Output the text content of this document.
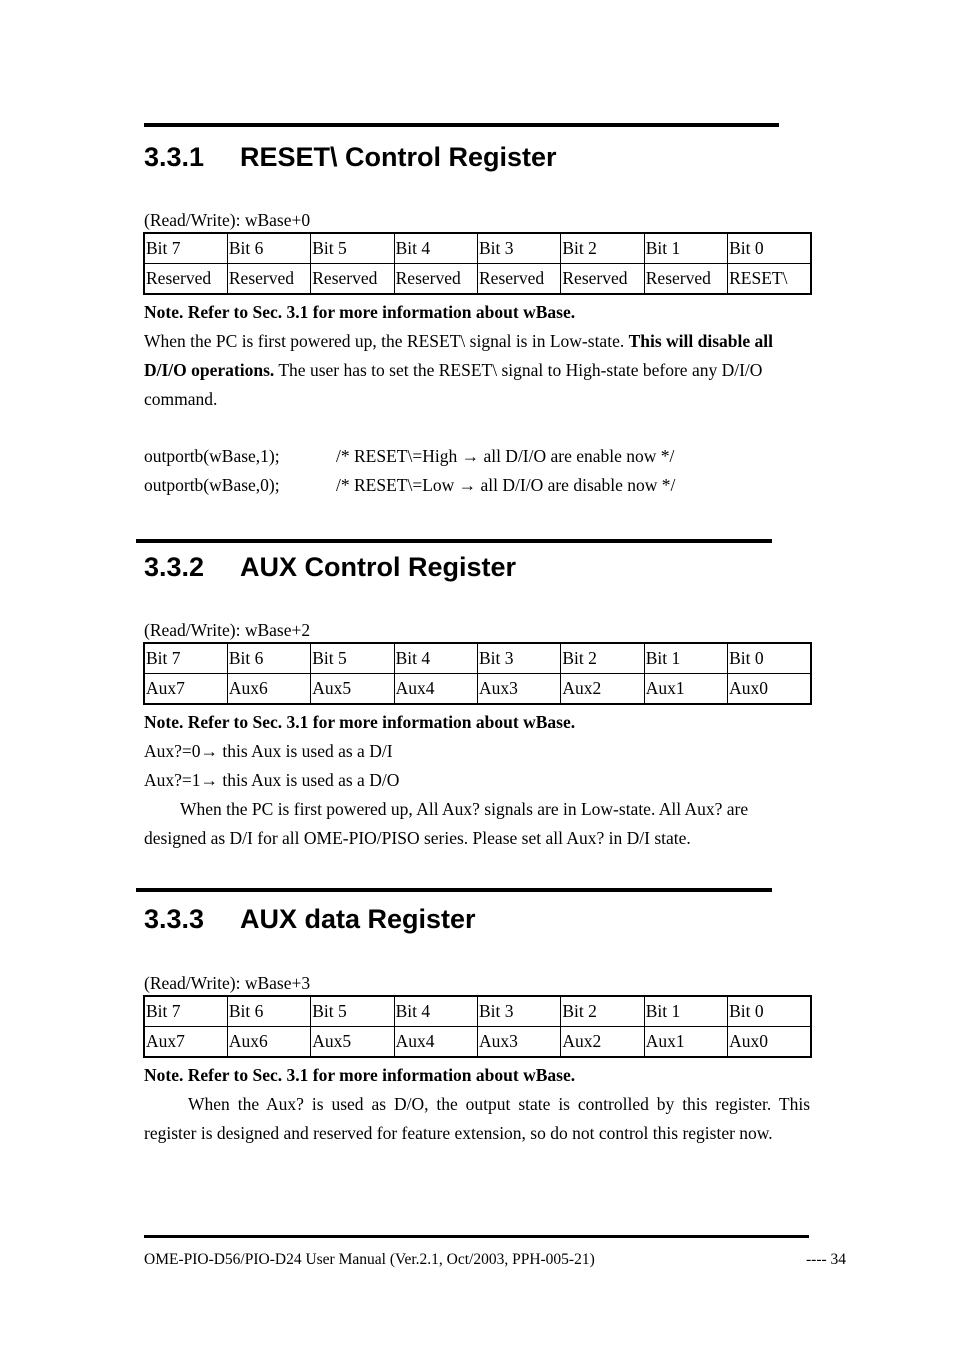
3.3.1 RESET\ Control Register
(Read/Write): wBase+0
Bit 7	Bit 6	Bit 5	Bit 4	Bit 3	Bit 2	Bit 1	Bit 0
Reserved	Reserved	Reserved	Reserved	Reserved	Reserved	Reserved	RESET\
Note. Refer to Sec. 3.1 for more information about wBase.
When the PC is first powered up, the RESET\ signal is in Low-state. This will disable all D/I/O operations. The user has to set the RESET\ signal to High-state before any D/I/O command.
outportb(wBase,1);	/* RESET\=High → all D/I/O are enable now */
outportb(wBase,0);	/* RESET\=Low → all D/I/O are disable now */
3.3.2 AUX Control Register
(Read/Write): wBase+2
Bit 7	Bit 6	Bit 5	Bit 4	Bit 3	Bit 2	Bit 1	Bit 0
Aux7	Aux6	Aux5	Aux4	Aux3	Aux2	Aux1	Aux0
Note. Refer to Sec. 3.1 for more information about wBase.
Aux?=0→ this Aux is used as a D/I
Aux?=1→ this Aux is used as a D/O
When the PC is first powered up, All Aux? signals are in Low-state. All Aux? are designed as D/I for all OME-PIO/PISO series. Please set all Aux? in D/I state.
3.3.3 AUX data Register
(Read/Write): wBase+3
Bit 7	Bit 6	Bit 5	Bit 4	Bit 3	Bit 2	Bit 1	Bit 0
Aux7	Aux6	Aux5	Aux4	Aux3	Aux2	Aux1	Aux0
Note. Refer to Sec. 3.1 for more information about wBase.
When the Aux? is used as D/O, the output state is controlled by this register. This register is designed and reserved for feature extension, so do not control this register now.
OME-PIO-D56/PIO-D24 User Manual (Ver.2.1, Oct/2003, PPH-005-21)	---- 34
